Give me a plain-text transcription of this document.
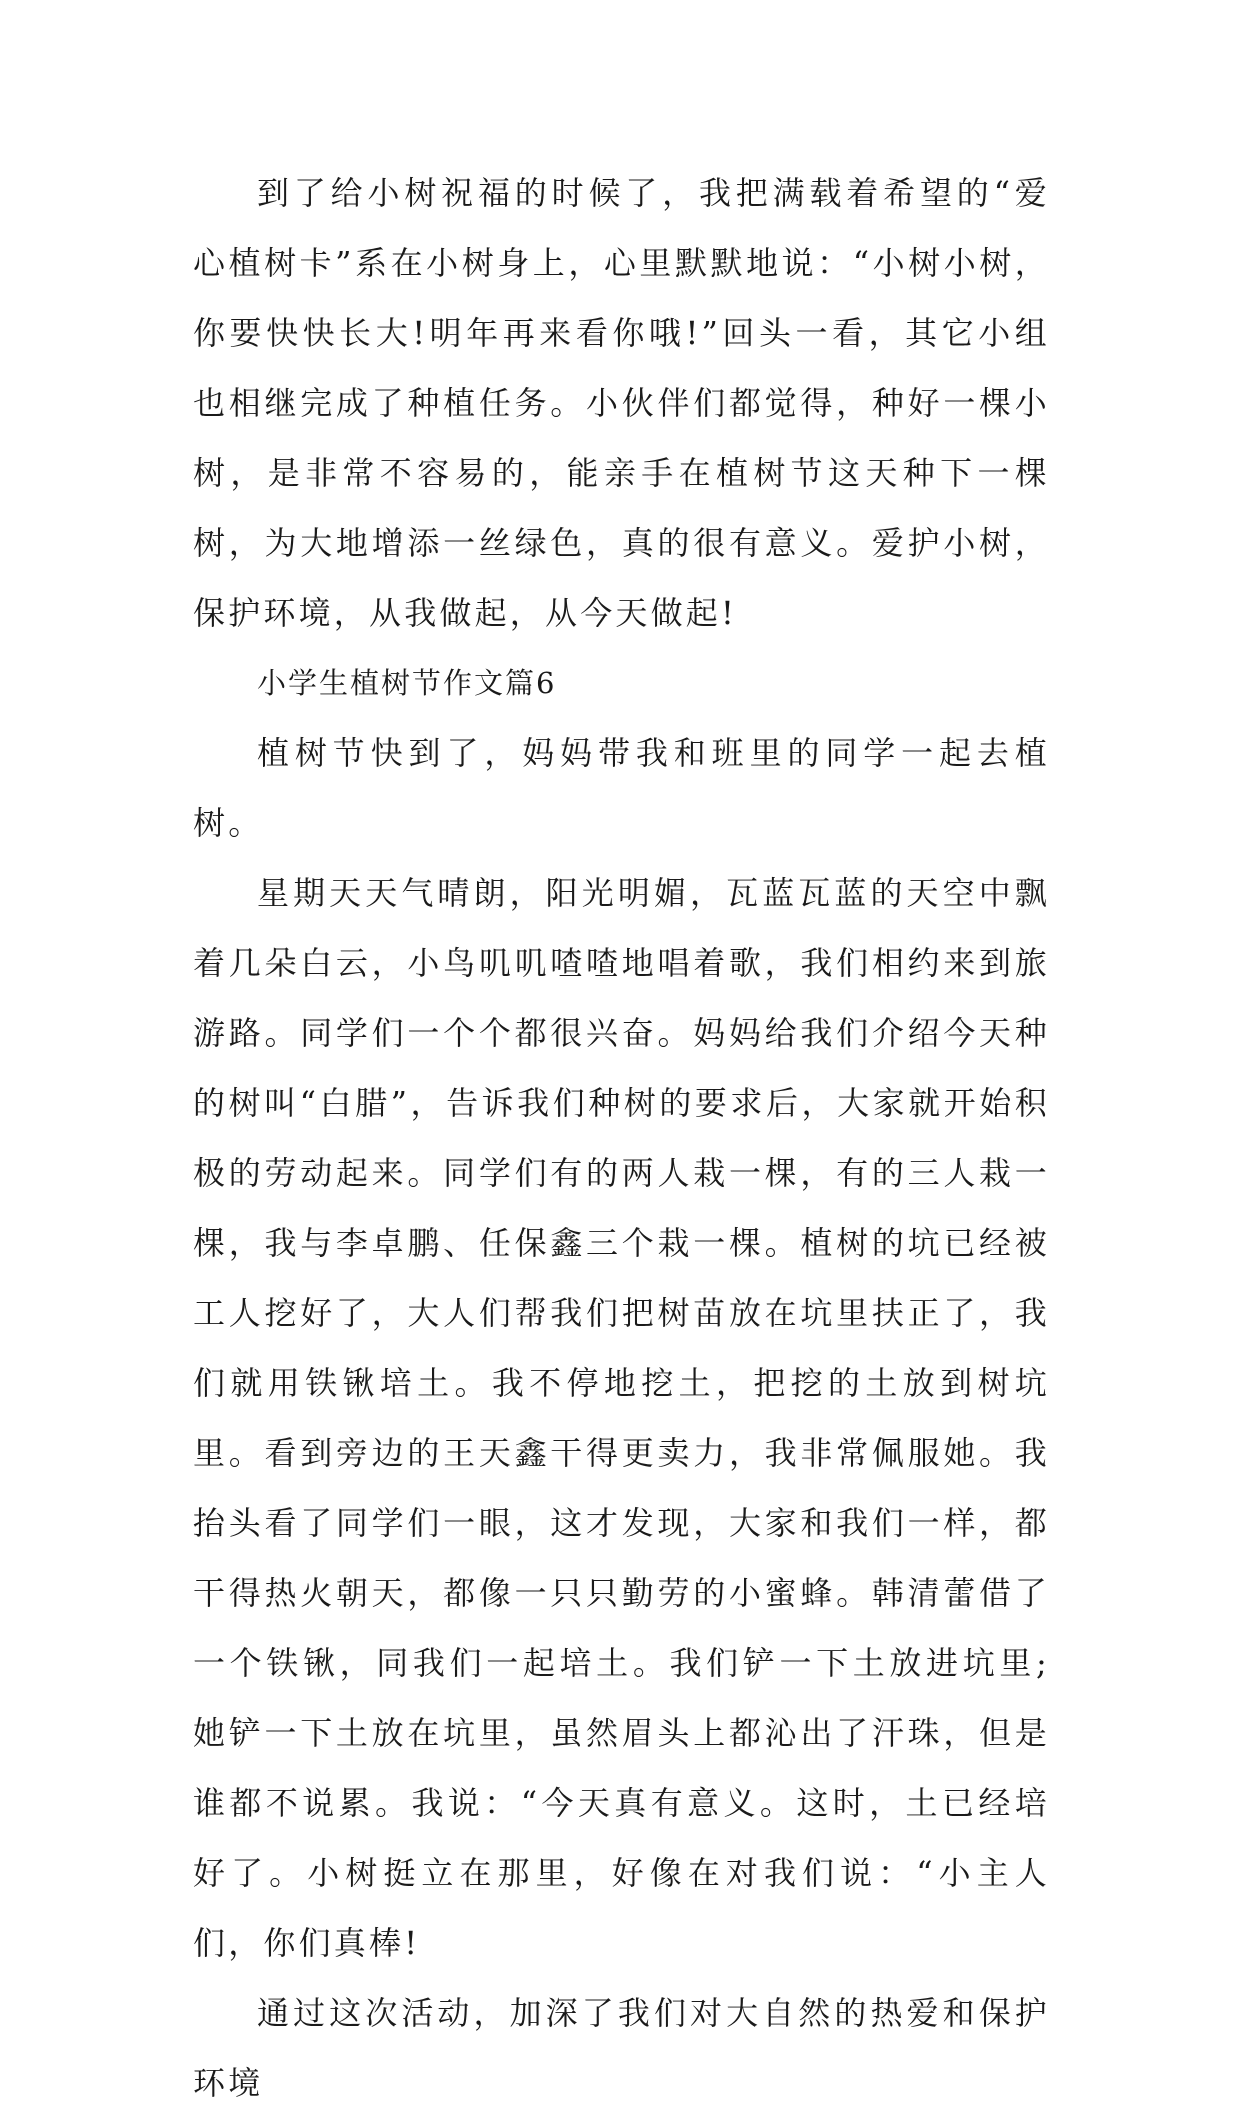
到了给小树祝福的时候了，我把满载着希望的“爱心植树卡”系在小树身上，心里默默地说：“小树小树，你要快快长大!明年再来看你哦!”回头一看，其它小组也相继完成了种植任务。小伙伴们都觉得，种好一棵小树，是非常不容易的，能亲手在植树节这天种下一棵树，为大地增添一丝绿色，真的很有意义。爱护小树，保护环境，从我做起，从今天做起!

小学生植树节作文篇6

植树节快到了，妈妈带我和班里的同学一起去植树。

星期天天气晴朗，阳光明媚，瓦蓝瓦蓝的天空中飘着几朵白云，小鸟叽叽喳喳地唱着歌，我们相约来到旅游路。同学们一个个都很兴奋。妈妈给我们介绍今天种的树叫“白腊”，告诉我们种树的要求后，大家就开始积极的劳动起来。同学们有的两人栽一棵，有的三人栽一棵，我与李卓鹏、任保鑫三个栽一棵。植树的坑已经被工人挖好了，大人们帮我们把树苗放在坑里扶正了，我们就用铁锹培土。我不停地挖土，把挖的土放到树坑里。看到旁边的王天鑫干得更卖力，我非常佩服她。我抬头看了同学们一眼，这才发现，大家和我们一样，都干得热火朝天，都像一只只勤劳的小蜜蜂。韩清蕾借了一个铁锹，同我们一起培土。我们铲一下土放进坑里;她铲一下土放在坑里，虽然眉头上都沁出了汗珠，但是谁都不说累。我说：“今天真有意义。这时，土已经培好了。小树挺立在那里，好像在对我们说：“小主人们，你们真棒!

通过这次活动，加深了我们对大自然的热爱和保护环境
